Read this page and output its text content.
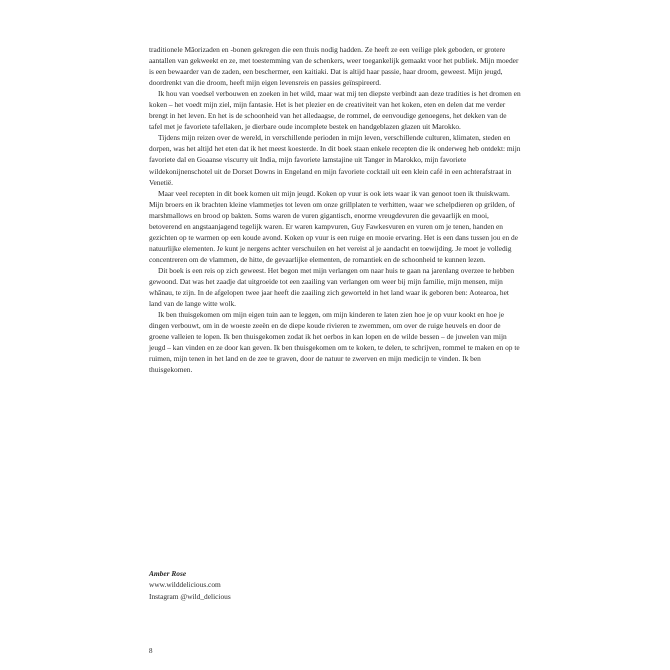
traditionele Māorizaden en -bonen gekregen die een thuis nodig hadden. Ze heeft ze een veilige plek geboden, er grotere aantallen van gekweekt en ze, met toestemming van de schenkers, weer toegankelijk gemaakt voor het publiek. Mijn moeder is een bewaarder van de zaden, een beschermer, een kaitiaki. Dat is altijd haar passie, haar droom, geweest. Mijn jeugd, doordrenkt van die droom, heeft mijn eigen levensreis en passies geïnspireerd.

Ik hou van voedsel verbouwen en zoeken in het wild, maar wat mij ten diepste verbindt aan deze tradities is het dromen en koken – het voedt mijn ziel, mijn fantasie. Het is het plezier en de creativiteit van het koken, eten en delen dat me verder brengt in het leven. En het is de schoonheid van het alledaagse, de rommel, de eenvoudige genoegens, het dekken van de tafel met je favoriete tafellaken, je dierbare oude incomplete bestek en handgeblazen glazen uit Marokko.

Tijdens mijn reizen over de wereld, in verschillende perioden in mijn leven, verschillende culturen, klimaten, steden en dorpen, was het altijd het eten dat ik het meest koesterde. In dit boek staan enkele recepten die ik onderweg heb ontdekt: mijn favoriete dal en Goaanse viscurry uit India, mijn favoriete lamstajine uit Tanger in Marokko, mijn favoriete wildekonijnenschotel uit de Dorset Downs in Engeland en mijn favoriete cocktail uit een klein café in een achterafstraat in Venetië.

Maar veel recepten in dit boek komen uit mijn jeugd. Koken op vuur is ook iets waar ik van genoot toen ik thuiskwam. Mijn broers en ik brachten kleine vlammetjes tot leven om onze grillplaten te verhitten, waar we schelpdieren op grilden, of marshmallows en brood op bakten. Soms waren de vuren gigantisch, enorme vreugdevuren die gevaarlijk en mooi, betoverend en angstaanjagend tegelijk waren. Er waren kampvuren, Guy Fawkesvuren en vuren om je tenen, handen en gezichten op te warmen op een koude avond. Koken op vuur is een ruige en mooie ervaring. Het is een dans tussen jou en de natuurlijke elementen. Je kunt je nergens achter verschuilen en het vereist al je aandacht en toewijding. Je moet je volledig concentreren om de vlammen, de hitte, de gevaarlijke elementen, de romantiek en de schoonheid te kunnen lezen.

Dit boek is een reis op zich geweest. Het begon met mijn verlangen om naar huis te gaan na jarenlang overzee te hebben gewoond. Dat was het zaadje dat uitgroeide tot een zaailing van verlangen om weer bij mijn familie, mijn mensen, mijn whānau, te zijn. In de afgelopen twee jaar heeft die zaailing zich geworteld in het land waar ik geboren ben: Aotearoa, het land van de lange witte wolk.

Ik ben thuisgekomen om mijn eigen tuin aan te leggen, om mijn kinderen te laten zien hoe je op vuur kookt en hoe je dingen verbouwt, om in de woeste zeeën en de diepe koude rivieren te zwemmen, om over de ruige heuvels en door de groene valleien te lopen. Ik ben thuisgekomen zodat ik het oerbos in kan lopen en de wilde bessen – de juwelen van mijn jeugd – kan vinden en ze door kan geven. Ik ben thuisgekomen om te koken, te delen, te schrijven, rommel te maken en op te ruimen, mijn tenen in het land en de zee te graven, door de natuur te zwerven en mijn medicijn te vinden. Ik ben thuisgekomen.

Amber Rose
www.wilddelicious.com
Instagram @wild_delicious
8
